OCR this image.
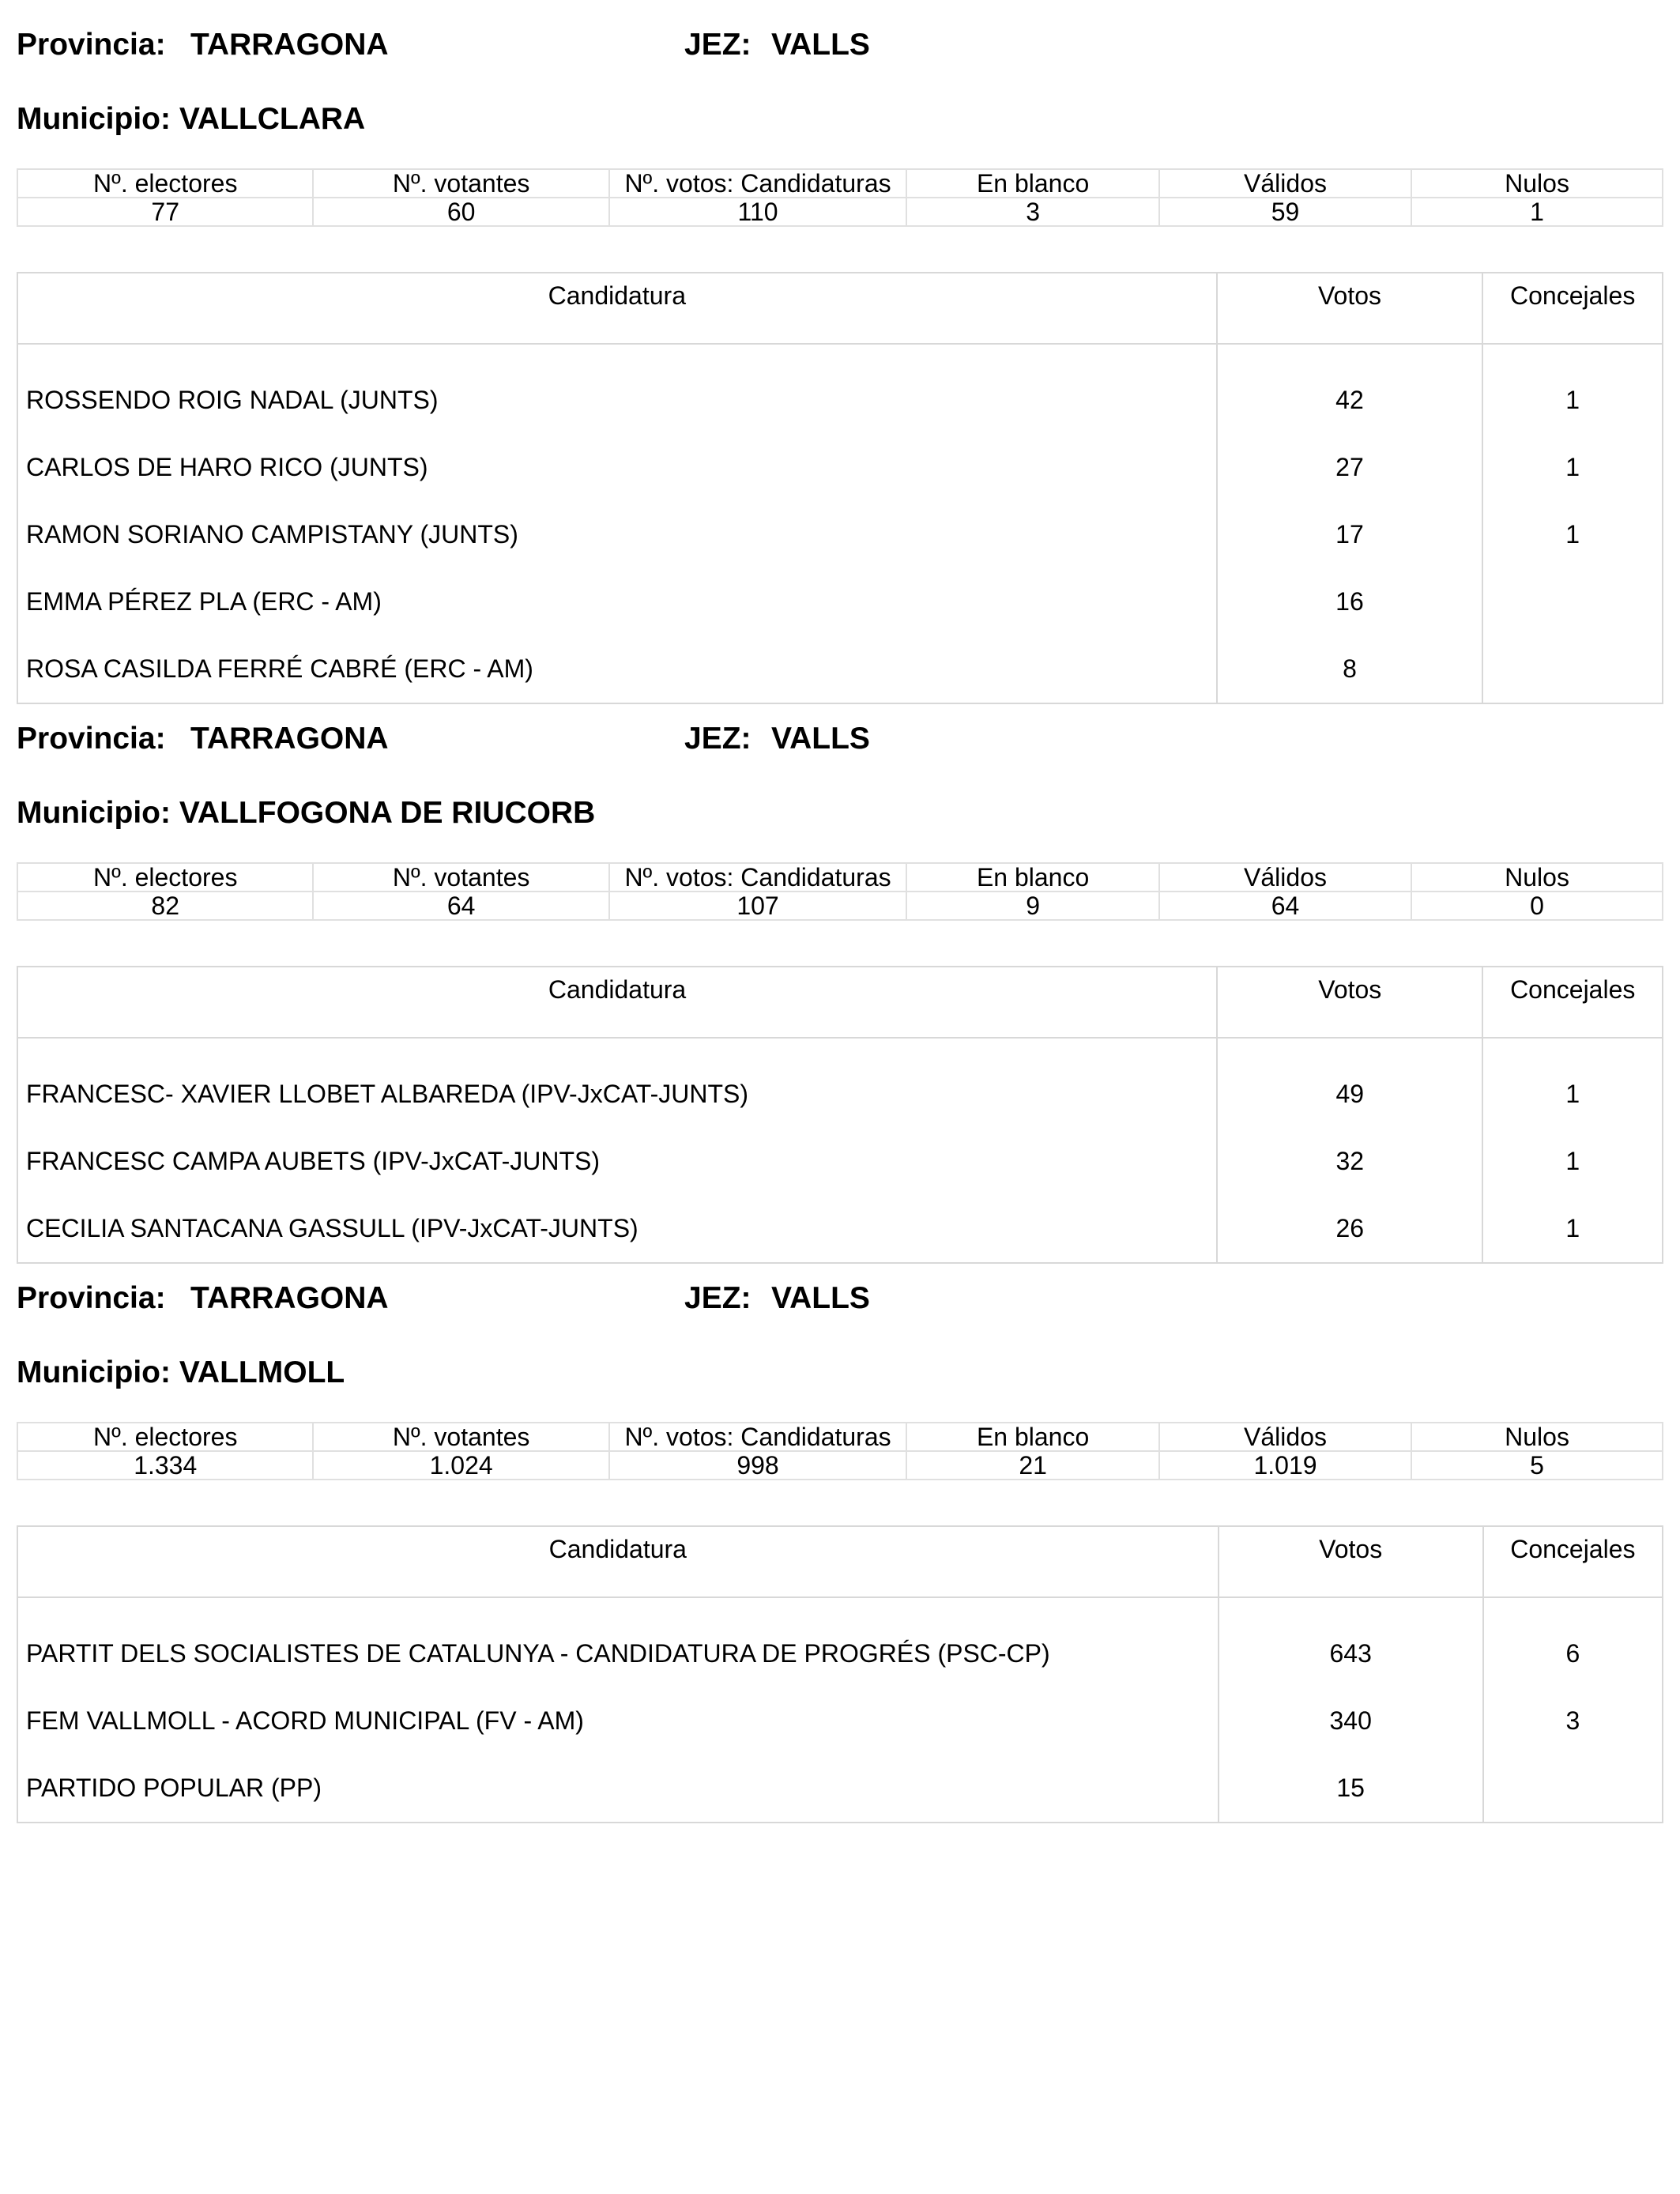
Provincia: TARRAGONA	JEZ: VALLS
Municipio: VALLCLARA
Nº. electores	Nº. votantes	Nº. votos: Candidaturas	En blanco	Válidos	Nulos
77	60	110	3	59	1
Candidatura	Votos	Concejales
ROSSENDO ROIG NADAL (JUNTS)	42	1
CARLOS DE HARO RICO (JUNTS)	27	1
RAMON SORIANO CAMPISTANY (JUNTS)	17	1
EMMA PÉREZ PLA (ERC - AM)	16	
ROSA CASILDA FERRÉ CABRÉ (ERC - AM)	8	
Provincia: TARRAGONA	JEZ: VALLS
Municipio: VALLFOGONA DE RIUCORB
Nº. electores	Nº. votantes	Nº. votos: Candidaturas	En blanco	Válidos	Nulos
82	64	107	9	64	0
Candidatura	Votos	Concejales
FRANCESC- XAVIER LLOBET ALBAREDA (IPV-JxCAT-JUNTS)	49	1
FRANCESC CAMPA AUBETS (IPV-JxCAT-JUNTS)	32	1
CECILIA SANTACANA GASSULL (IPV-JxCAT-JUNTS)	26	1
Provincia: TARRAGONA	JEZ: VALLS
Municipio: VALLMOLL
Nº. electores	Nº. votantes	Nº. votos: Candidaturas	En blanco	Válidos	Nulos
1.334	1.024	998	21	1.019	5
Candidatura	Votos	Concejales
PARTIT DELS SOCIALISTES DE CATALUNYA - CANDIDATURA DE PROGRÉS (PSC-CP)	643	6
FEM VALLMOLL - ACORD MUNICIPAL (FV - AM)	340	3
PARTIDO POPULAR (PP)	15	
